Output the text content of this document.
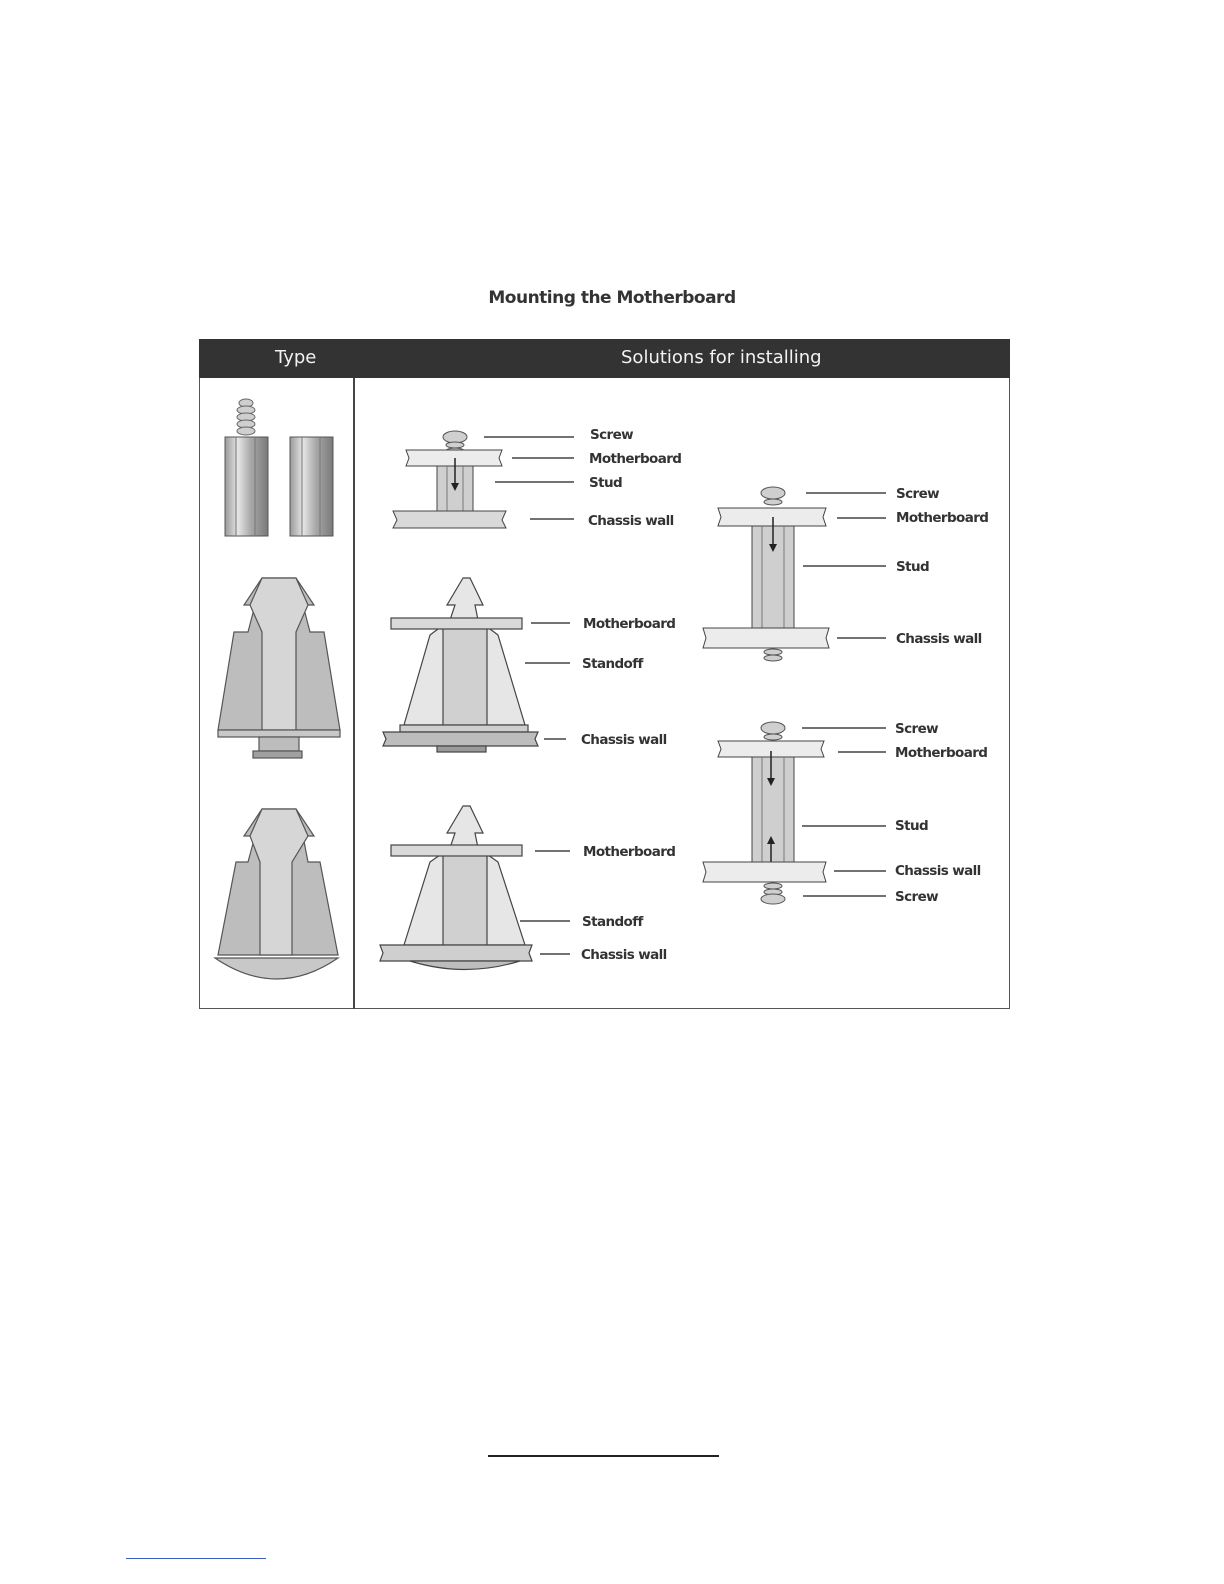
Mounting the Motherboard
Type	Solutions for installing
Screw
Motherboard
Stud
Chassis wall
Motherboard
Standoff
Chassis wall
Motherboard
Standoff
Chassis wall
Screw
Motherboard
Stud
Chassis wall
Screw
Motherboard
Stud
Chassis wall
Screw
